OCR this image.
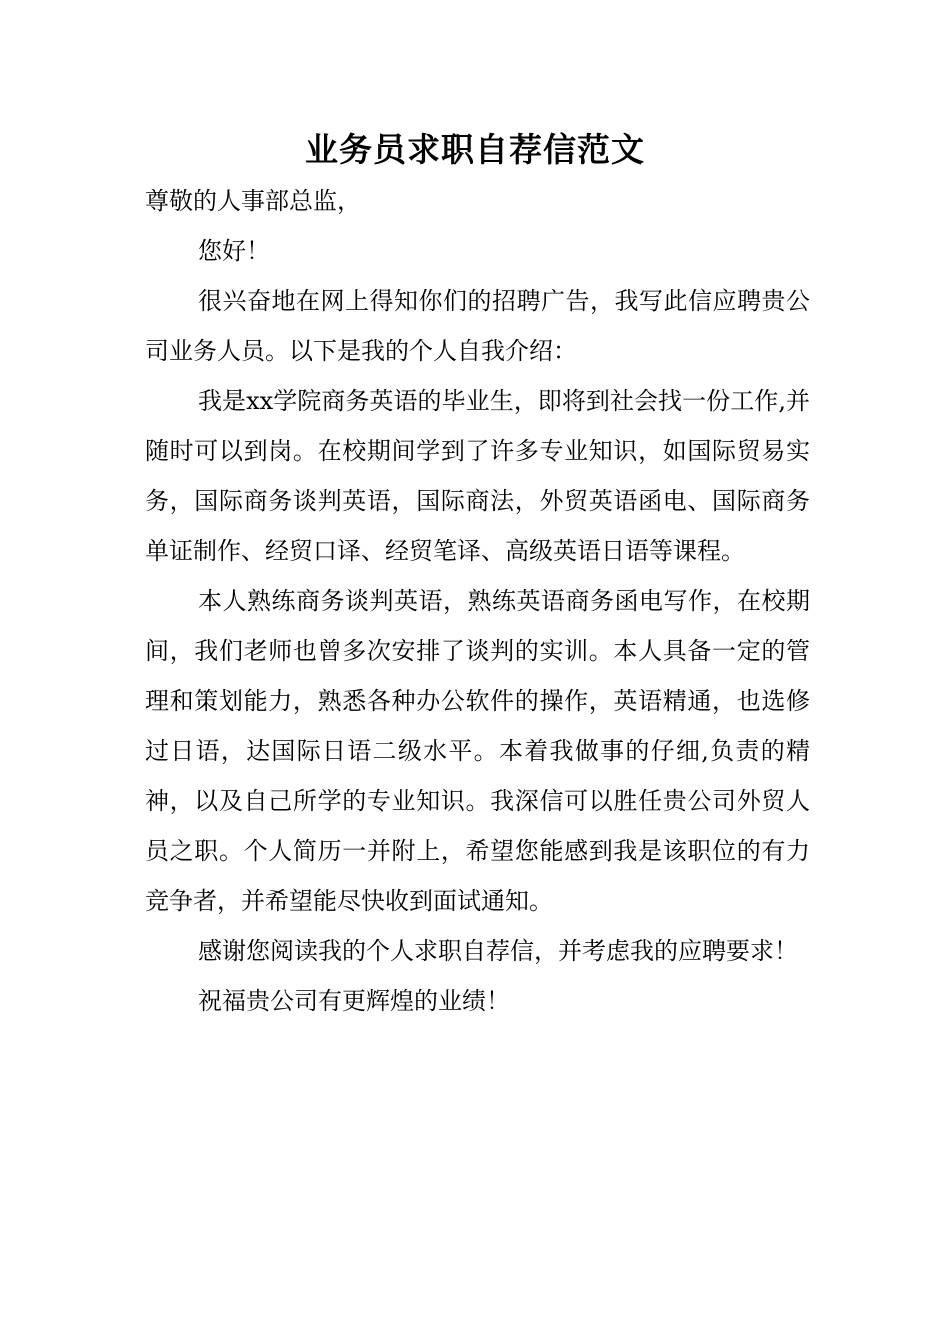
业务员求职自荐信范文

尊敬的人事部总监，

您好！

很兴奋地在网上得知你们的招聘广告，我写此信应聘贵公司业务人员。以下是我的个人自我介绍：

我是xx学院商务英语的毕业生，即将到社会找一份工作,并随时可以到岗。在校期间学到了许多专业知识，如国际贸易实务，国际商务谈判英语，国际商法，外贸英语函电、国际商务单证制作、经贸口译、经贸笔译、高级英语日语等课程。

本人熟练商务谈判英语，熟练英语商务函电写作，在校期间，我们老师也曾多次安排了谈判的实训。本人具备一定的管理和策划能力，熟悉各种办公软件的操作，英语精通，也选修过日语，达国际日语二级水平。本着我做事的仔细,负责的精神，以及自己所学的专业知识。我深信可以胜任贵公司外贸人员之职。个人简历一并附上，希望您能感到我是该职位的有力竞争者，并希望能尽快收到面试通知。

感谢您阅读我的个人求职自荐信，并考虑我的应聘要求！

祝福贵公司有更辉煌的业绩！
